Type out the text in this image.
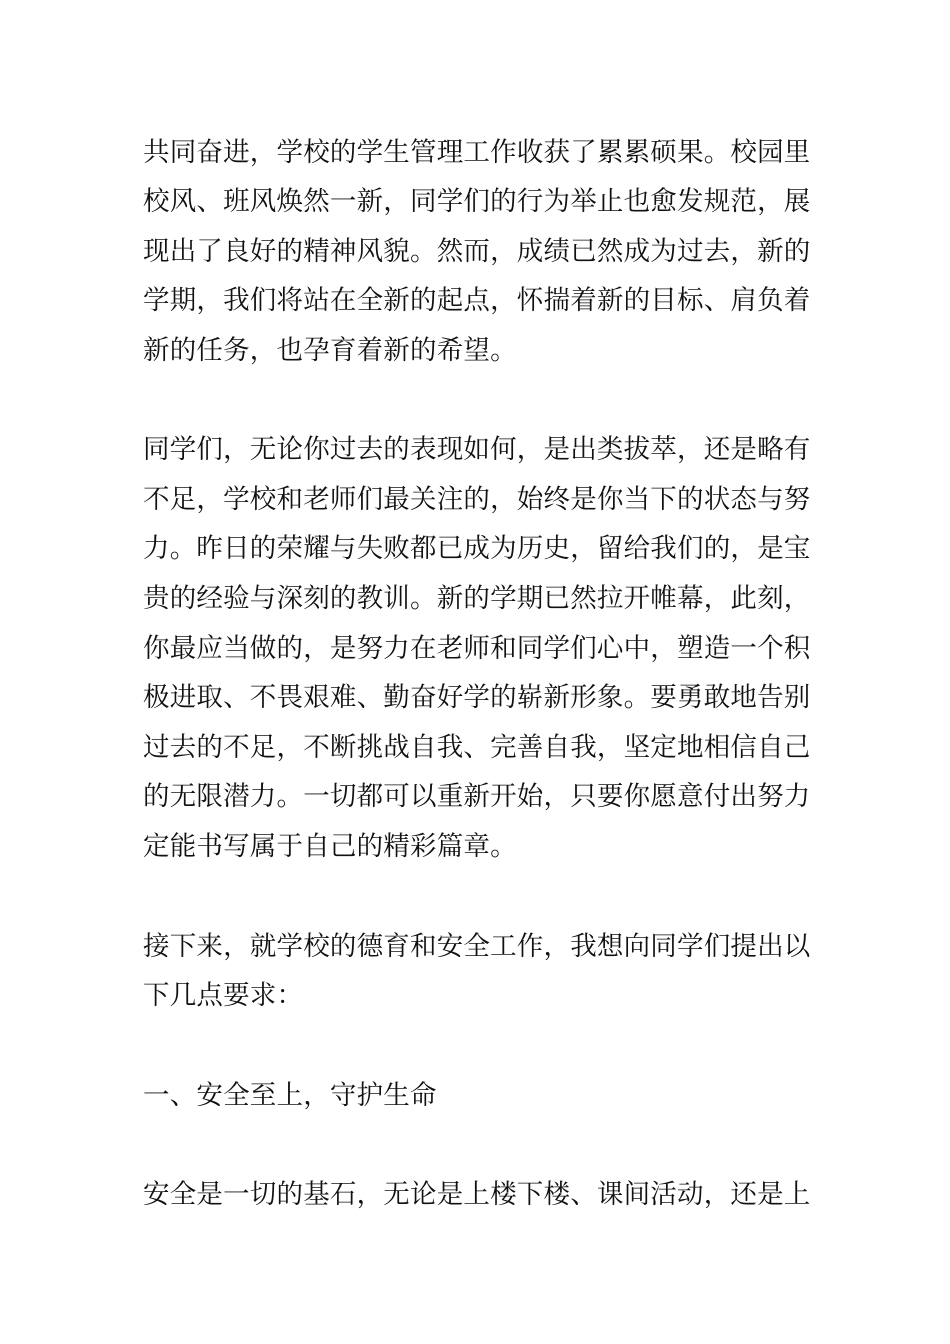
共同奋进，学校的学生管理工作收获了累累硕果。校园里
校风、班风焕然一新，同学们的行为举止也愈发规范，展
现出了良好的精神风貌。然而，成绩已然成为过去，新的
学期，我们将站在全新的起点，怀揣着新的目标、肩负着
新的任务，也孕育着新的希望。
同学们，无论你过去的表现如何，是出类拔萃，还是略有
不足，学校和老师们最关注的，始终是你当下的状态与努
力。昨日的荣耀与失败都已成为历史，留给我们的，是宝
贵的经验与深刻的教训。新的学期已然拉开帷幕，此刻，
你最应当做的，是努力在老师和同学们心中，塑造一个积
极进取、不畏艰难、勤奋好学的崭新形象。要勇敢地告别
过去的不足，不断挑战自我、完善自我，坚定地相信自己
的无限潜力。一切都可以重新开始，只要你愿意付出努力
定能书写属于自己的精彩篇章。
接下来，就学校的德育和安全工作，我想向同学们提出以
下几点要求：
一、安全至上，守护生命
安全是一切的基石，无论是上楼下楼、课间活动，还是上
